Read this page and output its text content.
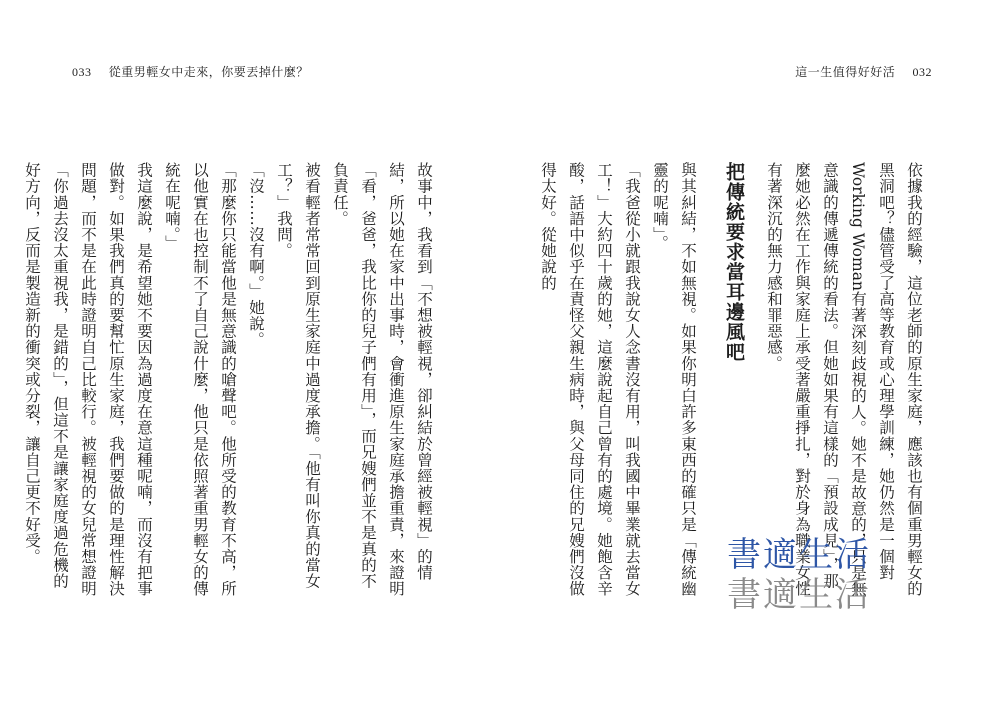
033 從重男輕女中走來，你要丟掉什麼？

故事中，我看到「不想被輕視，卻糾結於曾經被輕視」的情結，所以她在家中出事時，會衝進原生家庭承擔重責，來證明「看，爸爸，我比你的兒子們有用」，而兄嫂們並不是真的不負責任。

被看輕者常常回到原生家庭中過度承擔。「他有叫你真的當女工？」我問。

「沒……沒有啊。」她說。

「那麼你只能當他是無意識的嗆聲吧。他所受的教育不高，所以他實在也控制不了自己說什麼，他只是依照著重男輕女的傳統在呢喃。」

我這麼說，是希望她不要因為過度在意這種呢喃，而沒有把事做對。如果我們真的要幫忙原生家庭，我們要做的是理性解決問題，而不是在此時證明自己比較行。被輕視的女兒常想證明「你過去沒太重視我，是錯的」，但這不是讓家庭度過危機的好方向，反而是製造新的衝突或分裂，讓自己更不好受。

這一生值得好好活 032

依據我的經驗，這位老師的原生家庭，應該也有個重男輕女的黑洞吧？儘管受了高等教育或心理學訓練，她仍然是一個對Working Woman有著深刻歧視的人。她不是故意的，只是無意識的傳遞傳統的看法。但她如果有這樣的「預設成見」，那麼她必然在工作與家庭上承受著嚴重掙扎，對於身為職業女性有著深沉的無力感和罪惡感。

把傳統要求當耳邊風吧

與其糾結，不如無視。如果你明白許多東西的確只是「傳統幽靈的呢喃」。

「我爸從小就跟我說女人念書沒有用，叫我國中畢業就去當女工！」大約四十歲的她，這麼說起自己曾有的處境。她飽含辛酸，話語中似乎在責怪父親生病時，與父母同住的兄嫂們沒做得太好。從她說的

書適生活
書適生活
